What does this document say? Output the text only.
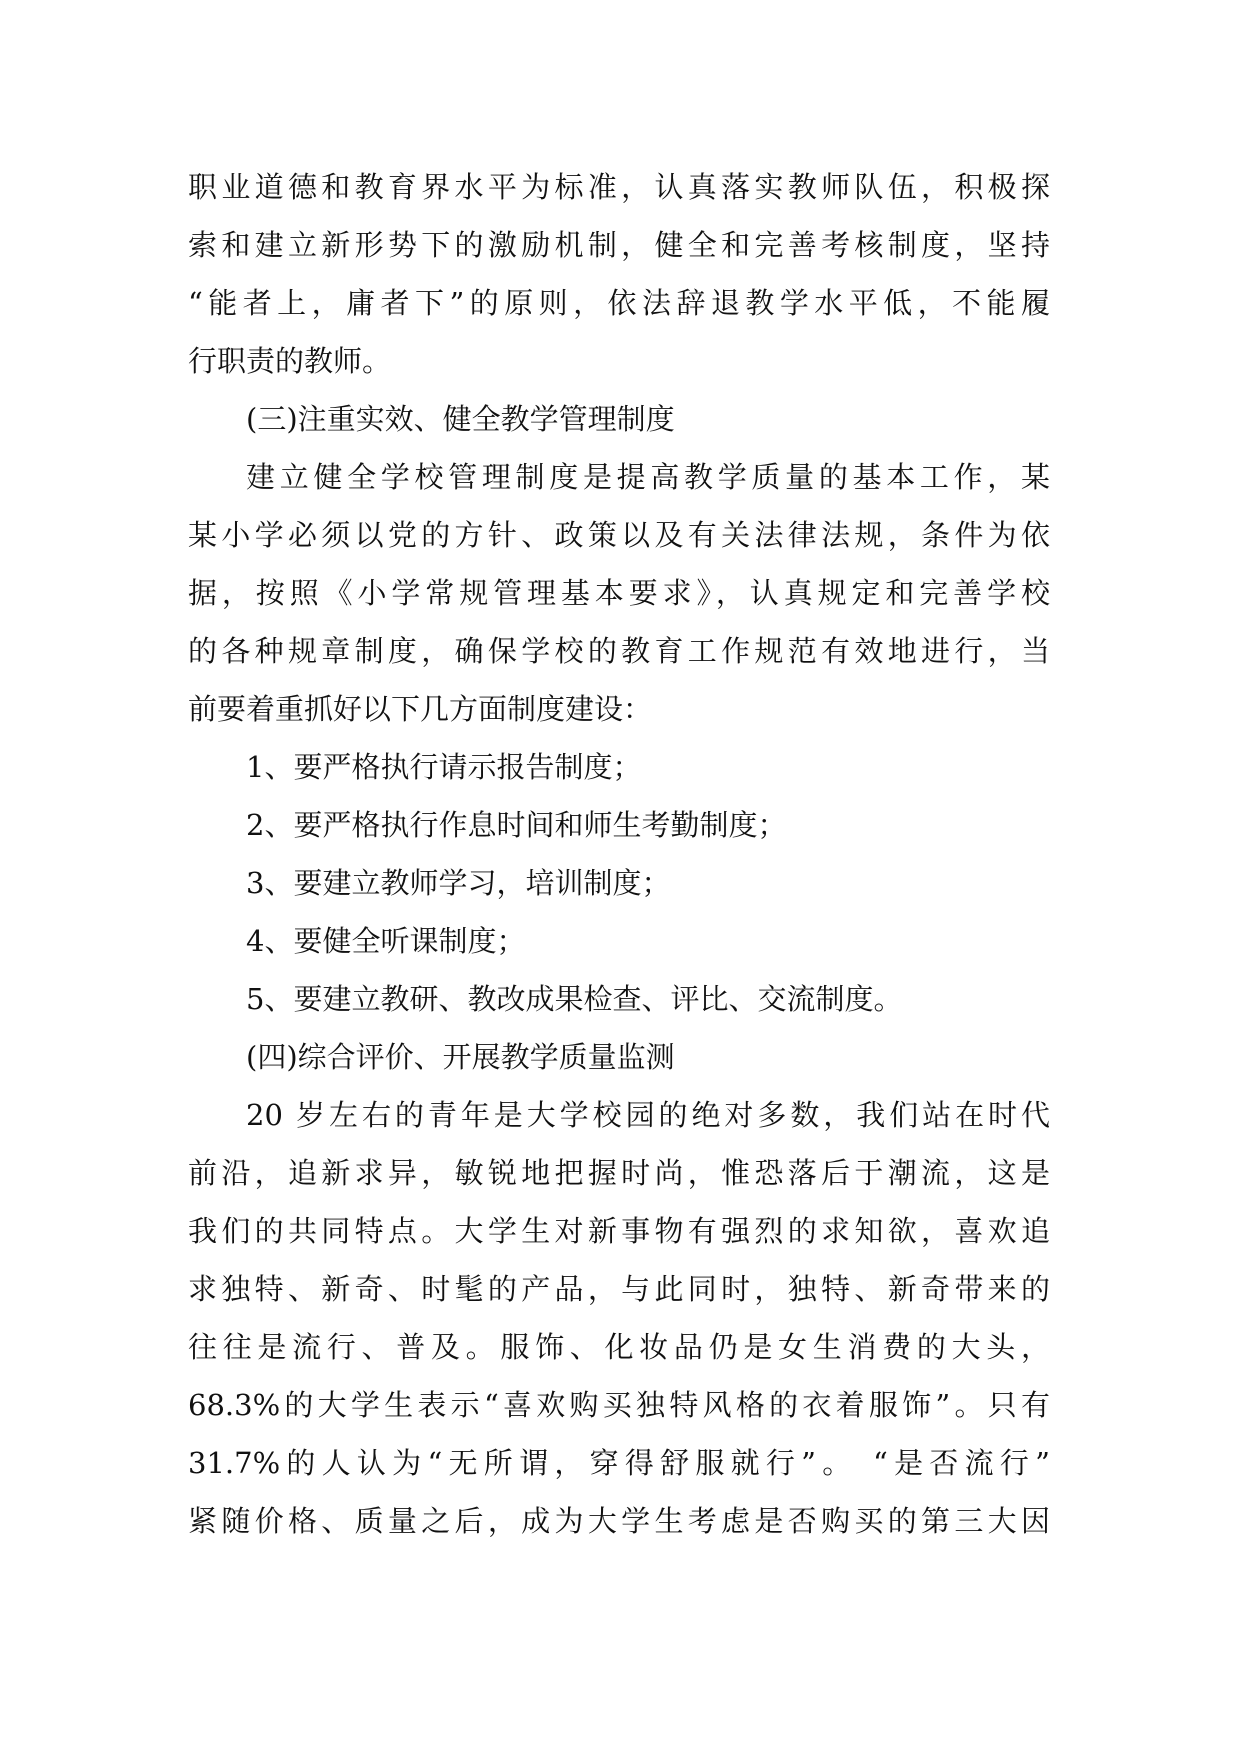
职业道德和教育界水平为标准，认真落实教师队伍，积极探
索和建立新形势下的激励机制，健全和完善考核制度，坚持
“能者上，庸者下”的原则，依法辞退教学水平低，不能履
行职责的教师。
(三)注重实效、健全教学管理制度
建立健全学校管理制度是提高教学质量的基本工作，某
某小学必须以党的方针、政策以及有关法律法规，条件为依
据，按照《小学常规管理基本要求》，认真规定和完善学校
的各种规章制度，确保学校的教育工作规范有效地进行，当
前要着重抓好以下几方面制度建设：
1、要严格执行请示报告制度；
2、要严格执行作息时间和师生考勤制度；
3、要建立教师学习，培训制度；
4、要健全听课制度；
5、要建立教研、教改成果检查、评比、交流制度。
(四)综合评价、开展教学质量监测
20 岁左右的青年是大学校园的绝对多数，我们站在时代
前沿，追新求异，敏锐地把握时尚，惟恐落后于潮流，这是
我们的共同特点。大学生对新事物有强烈的求知欲，喜欢追
求独特、新奇、时髦的产品，与此同时，独特、新奇带来的
往往是流行、普及。服饰、化妆品仍是女生消费的大头，
68.3%的大学生表示“喜欢购买独特风格的衣着服饰”。只有
31.7%的人认为“无所谓，穿得舒服就行”。 “是否流行”
紧随价格、质量之后，成为大学生考虑是否购买的第三大因
